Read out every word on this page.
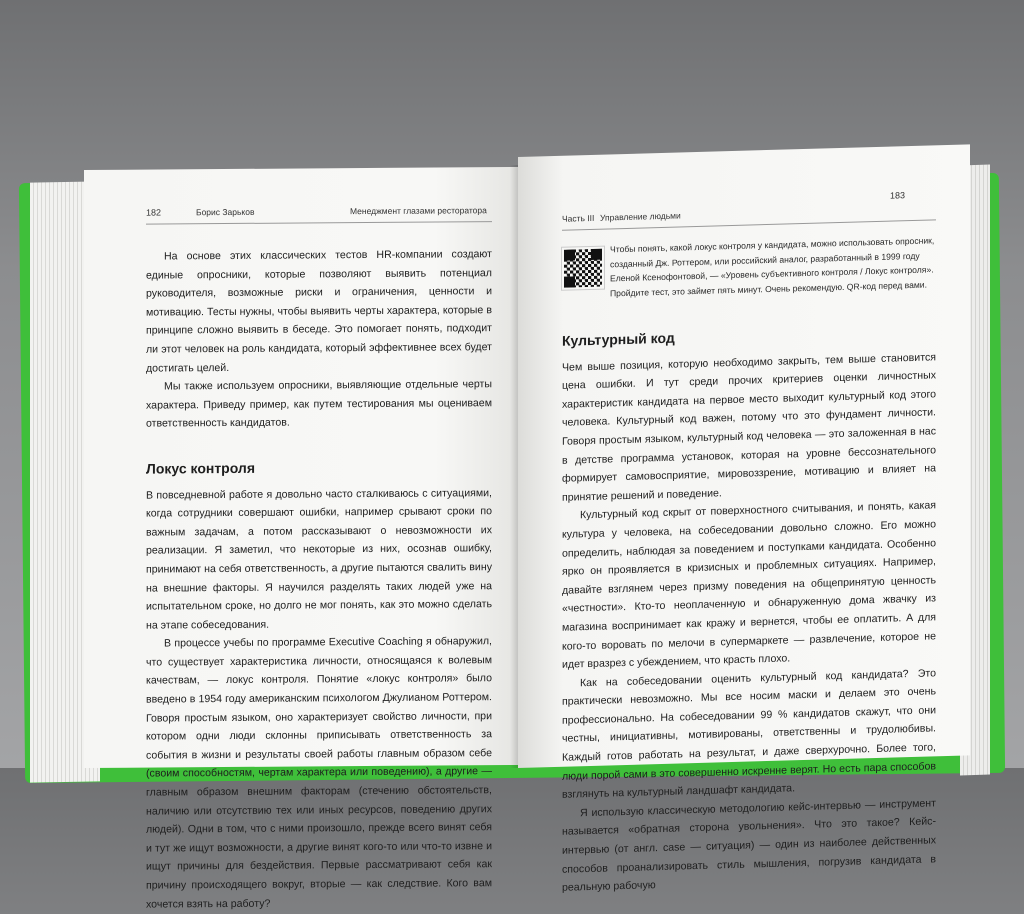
182	Борис Зарьков	Менеджмент глазами ресторатора

На основе этих классических тестов HR-компании создают единые опросники, которые позволяют выявить потенциал руководителя, возможные риски и ограничения, ценности и мотивацию. Тесты нужны, чтобы выявить черты характера, которые в принципе сложно выявить в беседе. Это помогает понять, подходит ли этот человек на роль кандидата, который эффективнее всех будет достигать целей.

Мы также используем опросники, выявляющие отдельные черты характера. Приведу пример, как путем тестирования мы оцениваем ответственность кандидатов.

Локус контроля

В повседневной работе я довольно часто сталкиваюсь с ситуациями, когда сотрудники совершают ошибки, например срывают сроки по важным задачам, а потом рассказывают о невозможности их реализации. Я заметил, что некоторые из них, осознав ошибку, принимают на себя ответственность, а другие пытаются свалить вину на внешние факторы. Я научился разделять таких людей уже на испытательном сроке, но долго не мог понять, как это можно сделать на этапе собеседования.

В процессе учебы по программе Executive Coaching я обнаружил, что существует характеристика личности, относящаяся к волевым качествам, — локус контроля. Понятие «локус контроля» было введено в 1954 году американским психологом Джулианом Роттером. Говоря простым языком, оно характеризует свойство личности, при котором одни люди склонны приписывать ответственность за события в жизни и результаты своей работы главным образом себе (своим способностям, чертам характера или поведению), а другие — главным образом внешним факторам (стечению обстоятельств, наличию или отсутствию тех или иных ресурсов, поведению других людей). Одни в том, что с ними произошло, прежде всего винят себя и тут же ищут возможности, а другие винят кого-то или что-то извне и ищут причины для бездействия. Первые рассматривают себя как причину происходящего вокруг, вторые — как следствие. Кого вам хочется взять на работу?

183
Часть III Управление людьми
Чтобы понять, какой локус контроля у кандидата, можно использовать опросник, созданный Дж. Роттером, или российский аналог, разработанный в 1999 году Еленой Ксенофонтовой, — «Уровень субъективного контроля / Локус контроля». Пройдите тест, это займет пять минут. Очень рекомендую. QR-код перед вами.
Культурный код

Чем выше позиция, которую необходимо закрыть, тем выше становится цена ошибки. И тут среди прочих критериев оценки личностных характеристик кандидата на первое место выходит культурный код этого человека. Культурный код важен, потому что это фундамент личности. Говоря простым языком, культурный код человека — это заложенная в нас в детстве программа установок, которая на уровне бессознательного формирует самовосприятие, мировоззрение, мотивацию и влияет на принятие решений и поведение.

Культурный код скрыт от поверхностного считывания, и понять, какая культура у человека, на собеседовании довольно сложно. Его можно определить, наблюдая за поведением и поступками кандидата. Особенно ярко он проявляется в кризисных и проблемных ситуациях. Например, давайте взглянем через призму поведения на общепринятую ценность «честности». Кто-то неоплаченную и обнаруженную дома жвачку из магазина воспринимает как кражу и вернется, чтобы ее оплатить. А для кого-то воровать по мелочи в супермаркете — развлечение, которое не идет вразрез с убеждением, что красть плохо.

Как на собеседовании оценить культурный код кандидата? Это практически невозможно. Мы все носим маски и делаем это очень профессионально. На собеседовании 99 % кандидатов скажут, что они честны, инициативны, мотивированы, ответственны и трудолюбивы. Каждый готов работать на результат, и даже сверхурочно. Более того, люди порой сами в это совершенно искренне верят. Но есть пара способов взглянуть на культурный ландшафт кандидата.

Я использую классическую методологию кейс-интервью — инструмент называется «обратная сторона увольнения». Что это такое? Кейс-интервью (от англ. case — ситуация) — один из наиболее действенных способов проанализировать стиль мышления, погрузив кандидата в реальную рабочую
